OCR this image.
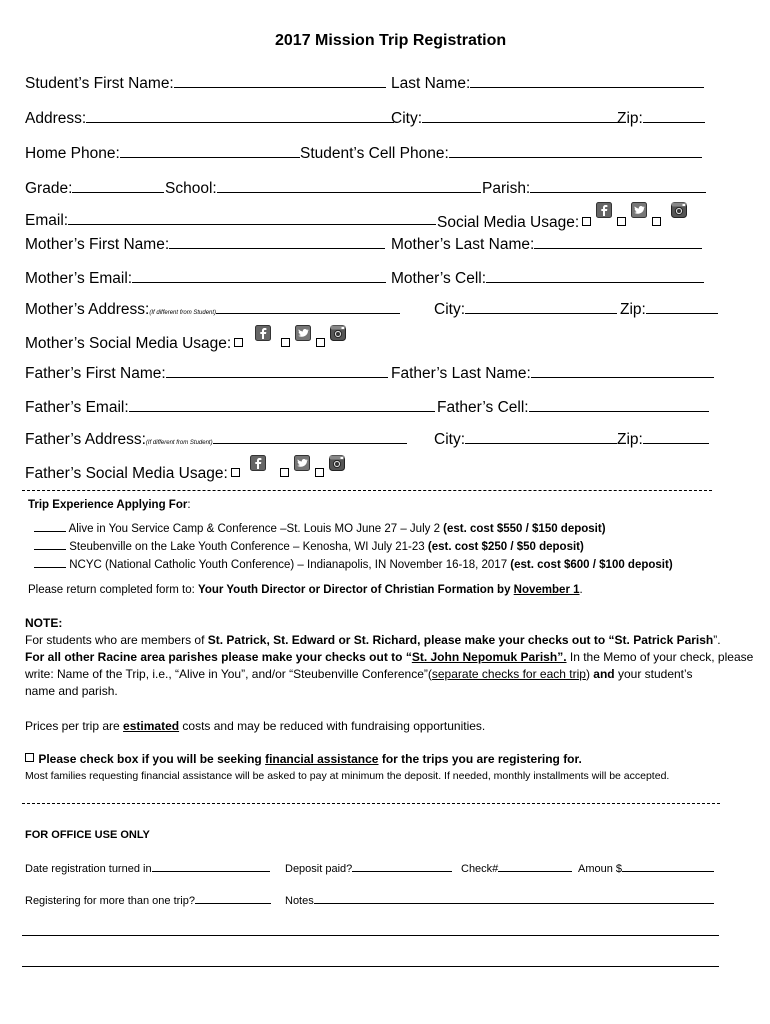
2017 Mission Trip Registration
Student’s First Name:	Last Name:
Address:	City:	Zip:
Home Phone:	Student’s Cell Phone:
Grade:	School:	Parish:
Email:	Social Media Usage:
Mother’s First Name:	Mother’s Last Name:
Mother’s Email:	Mother’s Cell:
Mother’s Address:(If different from Student)	City:	Zip:
Mother’s Social Media Usage:
Father’s First Name:	Father’s Last Name:
Father’s Email:	Father’s Cell:
Father’s Address:(If different from Student)	City:	Zip:
Father’s Social Media Usage:
Trip Experience Applying For:
Alive in You Service Camp & Conference –St. Louis MO June 27 – July 2 (est. cost $550 / $150 deposit)
Steubenville on the Lake Youth Conference – Kenosha, WI July 21-23 (est. cost $250 / $50 deposit)
NCYC (National Catholic Youth Conference) – Indianapolis, IN November 16-18, 2017 (est. cost $600 / $100 deposit)
Please return completed form to: Your Youth Director or Director of Christian Formation by November 1.
NOTE:
For students who are members of St. Patrick, St. Edward or St. Richard, please make your checks out to “St. Patrick Parish”.
For all other Racine area parishes please make your checks out to “St. John Nepomuk Parish”. In the Memo of your check, please
write: Name of the Trip, i.e., “Alive in You”, and/or “Steubenville Conference”(separate checks for each trip) and your student’s
name and parish.
Prices per trip are estimated costs and may be reduced with fundraising opportunities.
Please check box if you will be seeking financial assistance for the trips you are registering for.
Most families requesting financial assistance will be asked to pay at minimum the deposit. If needed, monthly installments will be accepted.
FOR OFFICE USE ONLY
Date registration turned in	Deposit paid?	Check#	Amoun $
Registering for more than one trip?	Notes
